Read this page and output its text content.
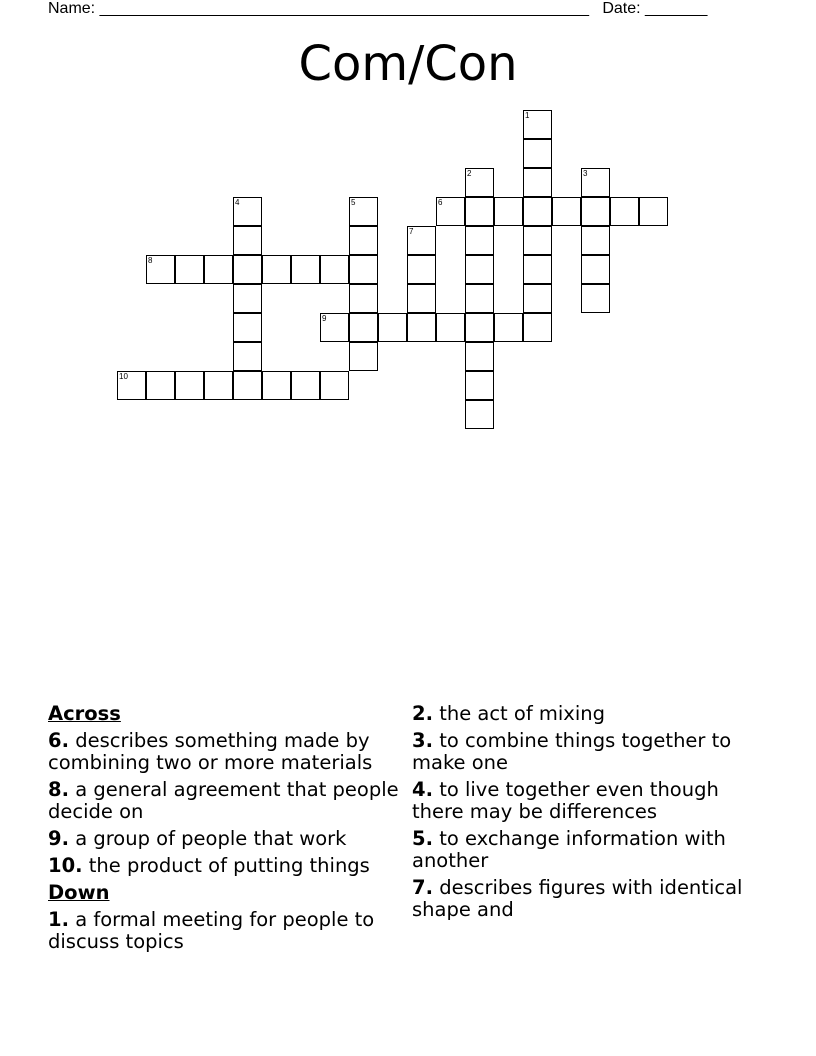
Name: _______________________________________________________ Date: _______
Com/Con
6
8
9
10
1
2	3
4	5
7
Across
6. describes something made by combining two or more materials
8. a general agreement that people decide on
9. a group of people that work
10. the product of putting things
Down
1. a formal meeting for people to discuss topics
2. the act of mixing
3. to combine things together to make one
4. to live together even though there may be differences
5. to exchange information with another
7. describes figures with identical shape and
